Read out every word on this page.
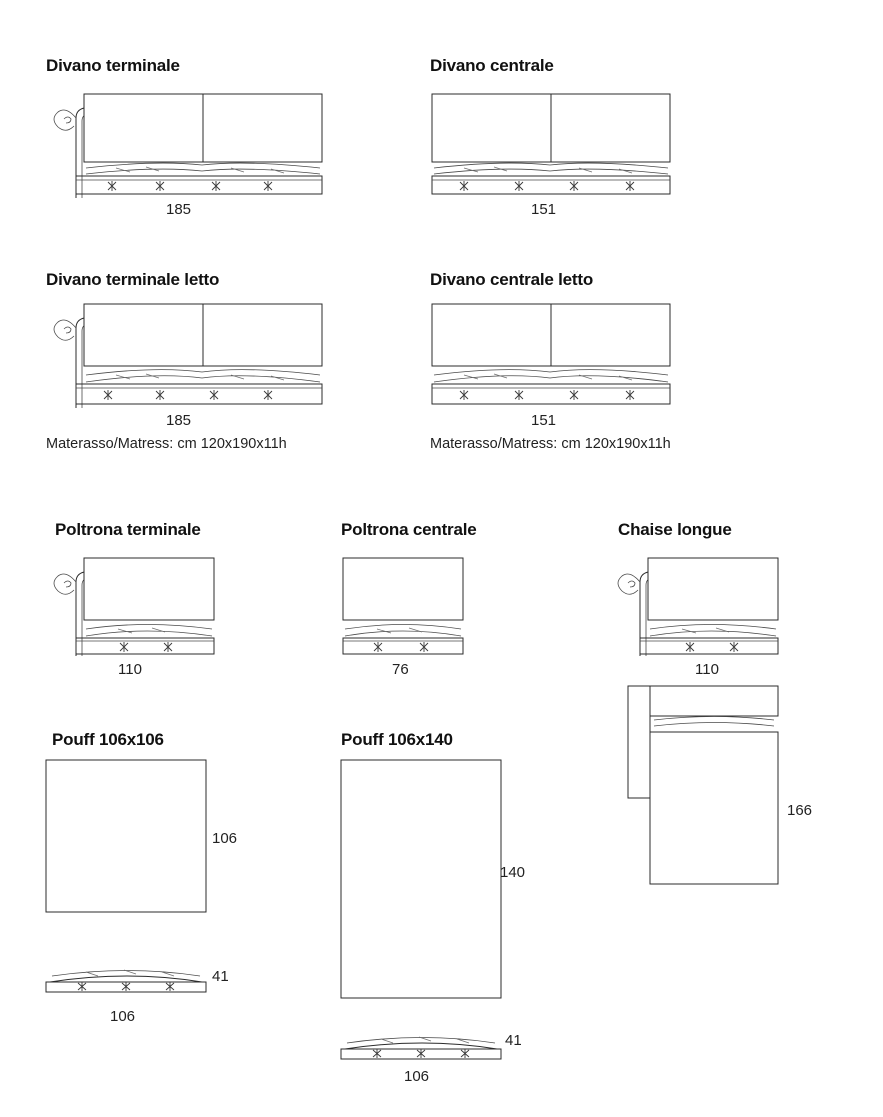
Divano terminale
185
Divano centrale
151
Divano terminale letto
185
Materasso/Matress: cm 120x190x11h
Divano centrale letto
151
Materasso/Matress: cm 120x190x11h
Poltrona terminale
110
Poltrona centrale
76
Chaise longue
110
166
Pouff 106x106
106
41
106
Pouff 106x140
140
41
106
